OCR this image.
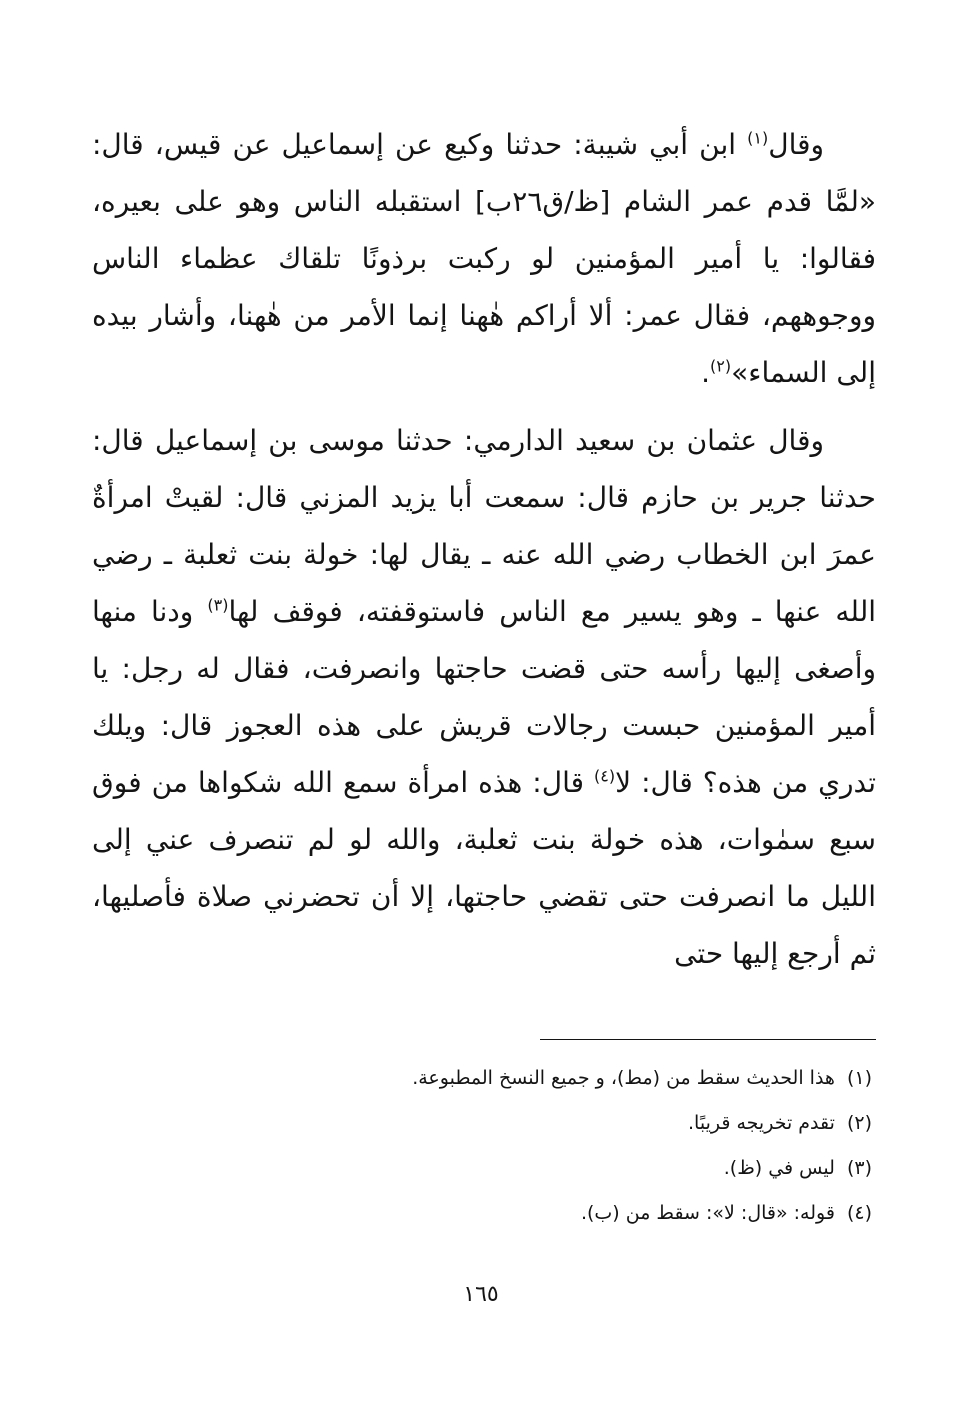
وقال$^{(١)}$ ابن أبي شيبة: حدثنا وكيع عن إسماعيل عن قيس، قال: «لمَّا قدم عمر الشام [ظ/ق٢٦ب] استقبله الناس وهو على بعيره، فقالوا: يا أمير المؤمنين لو ركبت برذونًا تلقاك عظماء الناس ووجوههم، فقال عمر: ألا أراكم هٰهنا إنما الأمر من هٰهنا، وأشار بيده إلى السماء»$^{(٢)}$.

وقال عثمان بن سعيد الدارمي: حدثنا موسى بن إسماعيل قال: حدثنا جرير بن حازم قال: سمعت أبا يزيد المزني قال: لقيتْ امرأةٌ عمرَ ابن الخطاب رضي الله عنه ـ يقال لها: خولة بنت ثعلبة ـ رضي الله عنها ـ وهو يسير مع الناس فاستوقفته، فوقف لها$^{(٣)}$ ودنا منها وأصغى إليها رأسه حتى قضت حاجتها وانصرفت، فقال له رجل: يا أمير المؤمنين حبست رجالات قريش على هذه العجوز قال: ويلك تدري من هذه؟ قال: لا$^{(٤)}$ قال: هذه امرأة سمع الله شكواها من فوق سبع سمٰوات، هذه خولة بنت ثعلبة، والله لو لم تنصرف عني إلى الليل ما انصرفت حتى تقضي حاجتها، إلا أن تحضرني صلاة فأصليها، ثم أرجع إليها حتى

(١)هذا الحديث سقط من (مط)، و جميع النسخ المطبوعة.
(٢)تقدم تخريجه قريبًا.
(٣)ليس في (ظ).
(٤)قوله: «قال: لا»: سقط من (ب).
١٦٥
